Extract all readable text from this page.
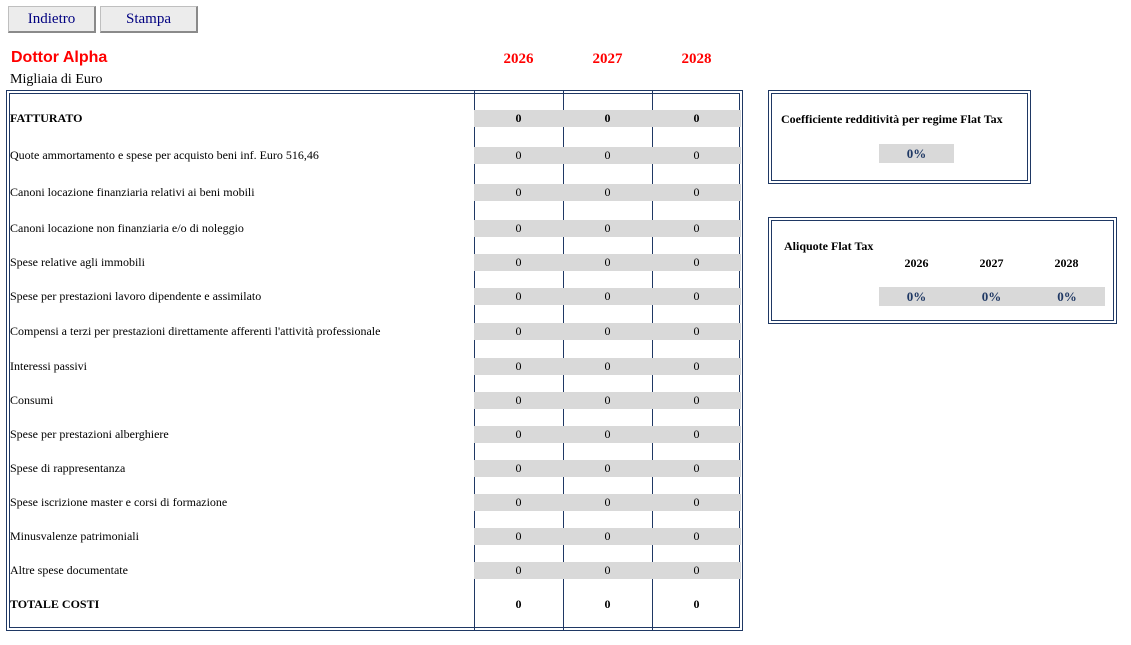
Indietro	Stampa
Dottor Alpha
Migliaia di Euro
2026	2027	2028
FATTURATO	0	0	0
Quote ammortamento e spese per acquisto beni inf. Euro 516,46	0	0	0
Canoni locazione finanziaria relativi ai beni mobili	0	0	0
Canoni locazione non finanziaria e/o di noleggio	0	0	0
Spese relative agli immobili	0	0	0
Spese per prestazioni lavoro dipendente e assimilato	0	0	0
Compensi a terzi per prestazioni direttamente afferenti l'attività professionale	0	0	0
Interessi passivi	0	0	0
Consumi	0	0	0
Spese per prestazioni alberghiere	0	0	0
Spese di rappresentanza	0	0	0
Spese iscrizione master e corsi di formazione	0	0	0
Minusvalenze patrimoniali	0	0	0
Altre spese documentate	0	0	0
TOTALE COSTI	0	0	0
Coefficiente redditività per regime Flat Tax
0%
Aliquote Flat Tax
2026	2027	2028
0%	0%	0%
